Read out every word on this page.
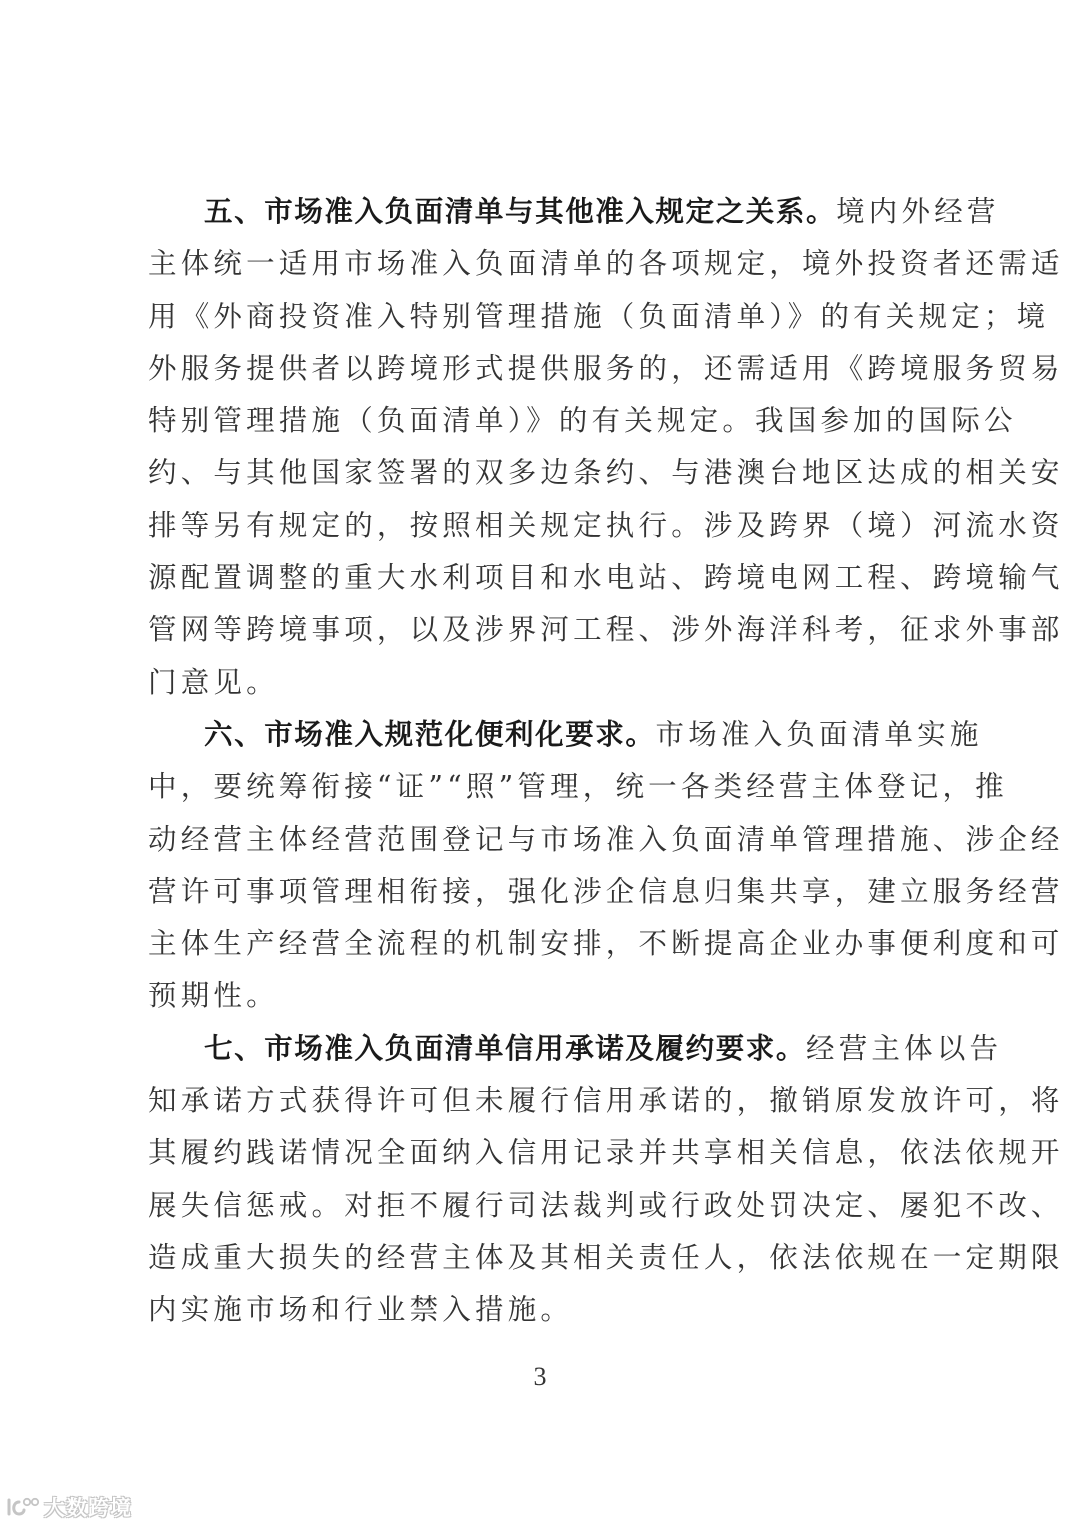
五、市场准入负面清单与其他准入规定之关系。境内外经营
主体统一适用市场准入负面清单的各项规定，境外投资者还需适
用《外商投资准入特别管理措施（负面清单）》的有关规定；境
外服务提供者以跨境形式提供服务的，还需适用《跨境服务贸易
特别管理措施（负面清单）》的有关规定。我国参加的国际公
约、与其他国家签署的双多边条约、与港澳台地区达成的相关安
排等另有规定的，按照相关规定执行。涉及跨界（境）河流水资
源配置调整的重大水利项目和水电站、跨境电网工程、跨境输气
管网等跨境事项，以及涉界河工程、涉外海洋科考，征求外事部
门意见。
六、市场准入规范化便利化要求。市场准入负面清单实施
中，要统筹衔接“证”“照”管理，统一各类经营主体登记，推
动经营主体经营范围登记与市场准入负面清单管理措施、涉企经
营许可事项管理相衔接，强化涉企信息归集共享，建立服务经营
主体生产经营全流程的机制安排，不断提高企业办事便利度和可
预期性。
七、市场准入负面清单信用承诺及履约要求。经营主体以告
知承诺方式获得许可但未履行信用承诺的，撤销原发放许可，将
其履约践诺情况全面纳入信用记录并共享相关信息，依法依规开
展失信惩戒。对拒不履行司法裁判或行政处罚决定、屡犯不改、
造成重大损失的经营主体及其相关责任人，依法依规在一定期限
内实施市场和行业禁入措施。
3
大数跨境
